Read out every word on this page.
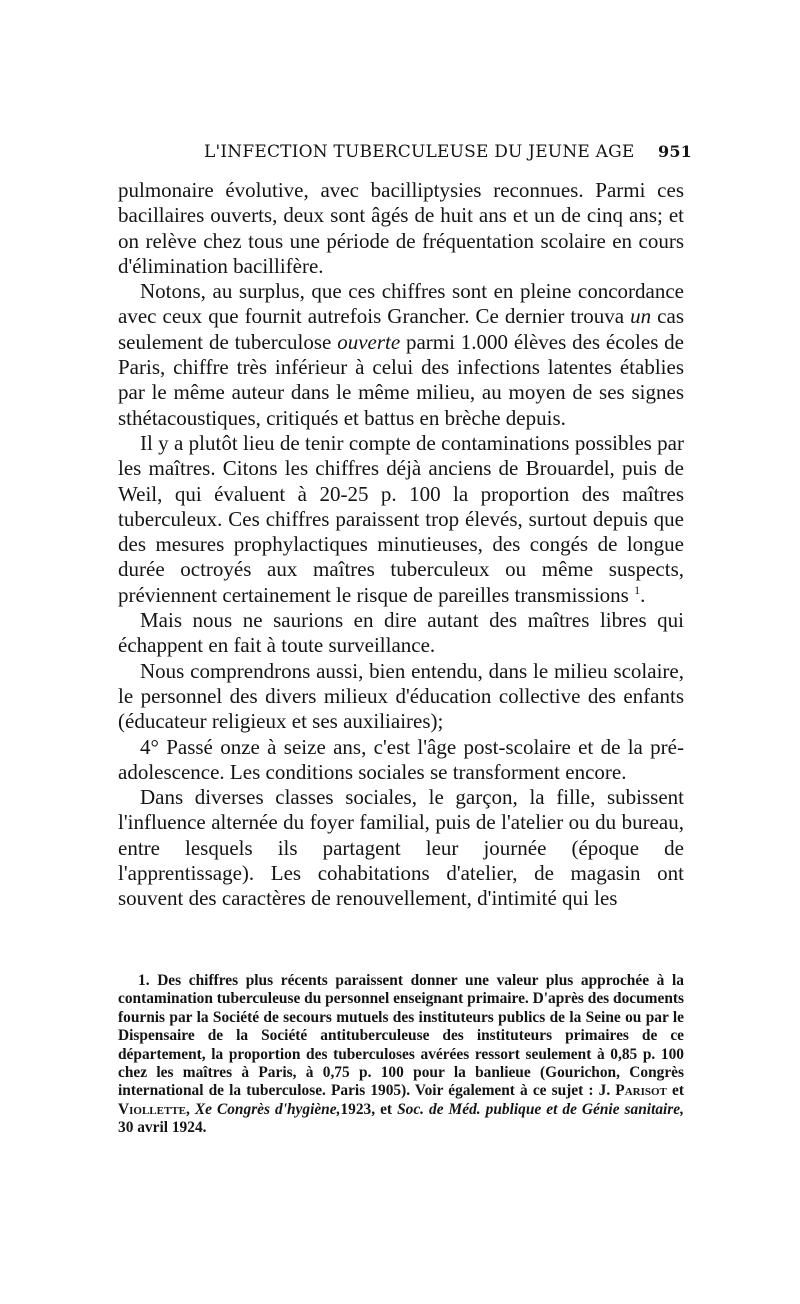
L'INFECTION TUBERCULEUSE DU JEUNE AGE 951

pulmonaire évolutive, avec bacilliptysies reconnues. Parmi ces bacillaires ouverts, deux sont âgés de huit ans et un de cinq ans; et on relève chez tous une période de fréquentation scolaire en cours d'élimination bacillifère.

Notons, au surplus, que ces chiffres sont en pleine concordance avec ceux que fournit autrefois Grancher. Ce dernier trouva un cas seulement de tuberculose ouverte parmi 1.000 élèves des écoles de Paris, chiffre très inférieur à celui des infections latentes établies par le même auteur dans le même milieu, au moyen de ses signes sthétacoustiques, critiqués et battus en brèche depuis.

Il y a plutôt lieu de tenir compte de contaminations possibles par les maîtres. Citons les chiffres déjà anciens de Brouardel, puis de Weil, qui évaluent à 20-25 p. 100 la proportion des maîtres tuberculeux. Ces chiffres paraissent trop élevés, surtout depuis que des mesures prophylactiques minutieuses, des congés de longue durée octroyés aux maîtres tuberculeux ou même suspects, préviennent certainement le risque de pareilles transmissions $^1$.

Mais nous ne saurions en dire autant des maîtres libres qui échappent en fait à toute surveillance.

Nous comprendrons aussi, bien entendu, dans le milieu scolaire, le personnel des divers milieux d'éducation collective des enfants (éducateur religieux et ses auxiliaires);

4° Passé onze à seize ans, c'est l'âge post-scolaire et de la pré-adolescence. Les conditions sociales se transforment encore.

Dans diverses classes sociales, le garçon, la fille, subissent l'influence alternée du foyer familial, puis de l'atelier ou du bureau, entre lesquels ils partagent leur journée (époque de l'apprentissage). Les cohabitations d'atelier, de magasin ont souvent des caractères de renouvellement, d'intimité qui les

1. Des chiffres plus récents paraissent donner une valeur plus approchée à la contamination tuberculeuse du personnel enseignant primaire. D'après des documents fournis par la Société de secours mutuels des instituteurs publics de la Seine ou par le Dispensaire de la Société antituberculeuse des instituteurs primaires de ce département, la proportion des tuberculoses avérées ressort seulement à 0,85 p. 100 chez les maîtres à Paris, à 0,75 p. 100 pour la banlieue (Gourichon, Congrès international de la tuberculose. Paris 1905). Voir également à ce sujet : J. Parisot et Viollette, Xe Congrès d'hygiène,1923, et Soc. de Méd. publique et de Génie sanitaire, 30 avril 1924.
